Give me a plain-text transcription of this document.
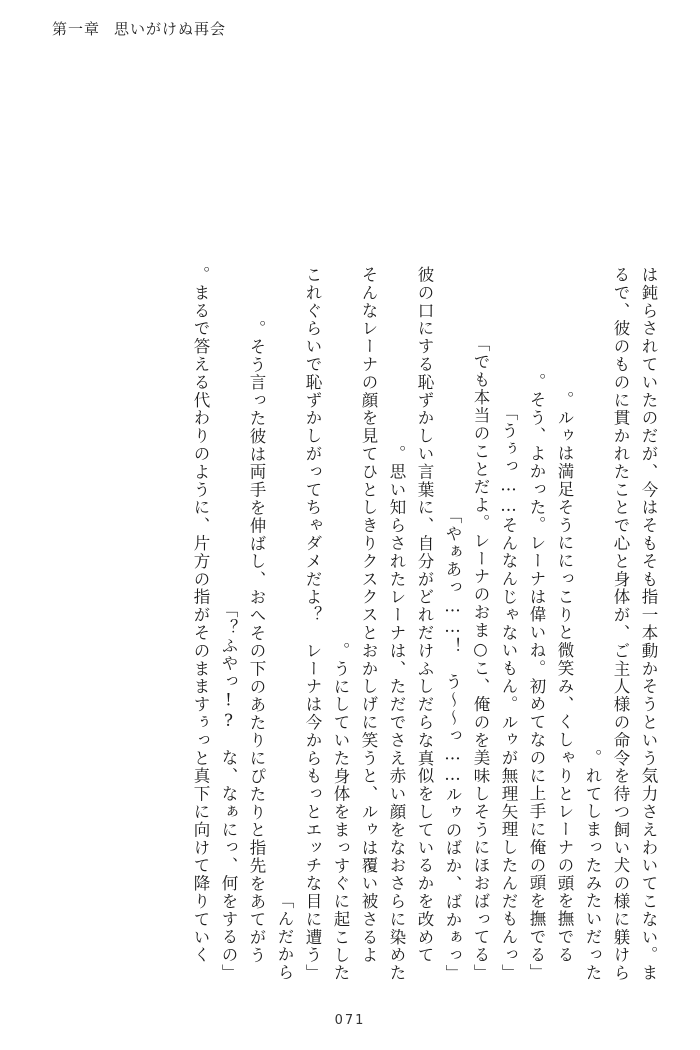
第一章 思いがけぬ再会
は鈍らされていたのだが、今はそもそも指一本動かそうという気力さえわいてこない。ま
るで、彼のものに貫かれたことで心と身体が、ご主人様の命令を待つ飼い犬の様に躾けら
れてしまったみたいだった。
　ルゥは満足そうににっこりと微笑み、くしゃりとレーナの頭を撫でる。
「そう、よかった。レーナは偉いね。初めてなのに上手に俺の頭を撫でる。
「うぅっ……そんなんじゃないもん。ルゥが無理矢理したんだもんっ」
「でも本当のことだよ。レーナのおま○こ、俺のを美味しそうにほおばってる」
「やぁあっ……！　う～～っ……ルゥのばか、ばかぁっ」
　彼の口にする恥ずかしい言葉に、自分がどれだけふしだらな真似をしているかを改めて
思い知らされたレーナは、ただでさえ赤い顔をなおさらに染めた。
　そんなレーナの顔を見てひとしきりクスクスとおかしげに笑うと、ルゥは覆い被さるよ
うにしていた身体をまっすぐに起こした。
「これぐらいで恥ずかしがってちゃダメだよ？　レーナは今からもっとエッチな目に遭う
んだから」
　そう言った彼は両手を伸ばし、おへその下のあたりにぴたりと指先をあてがう。
「ふやっ!?　な、なぁにっ、何をするの？」
　まるで答える代わりのように、片方の指がそのまますぅっと真下に向けて降りていく。
071
